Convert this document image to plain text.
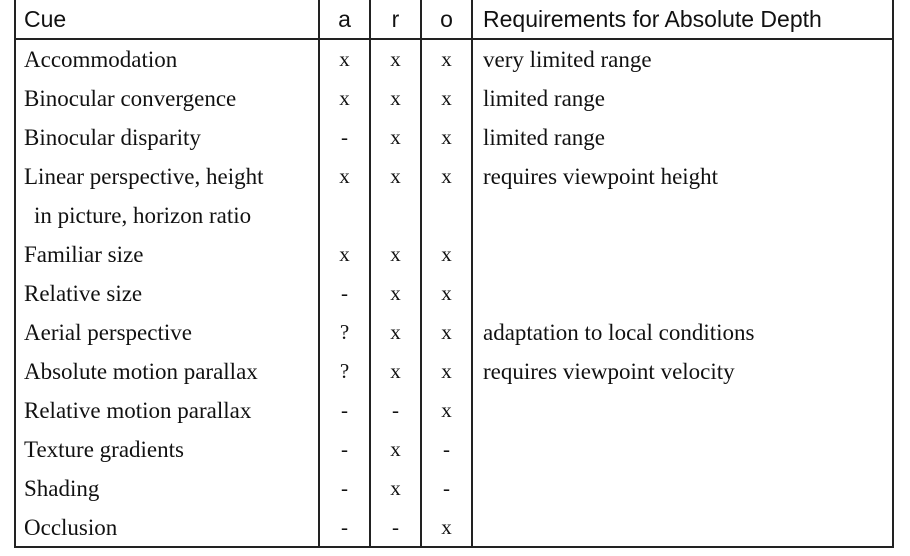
Cue	a	r	o	Requirements for Absolute Depth
Accommodation	x	x	x	very limited range
Binocular convergence	x	x	x	limited range
Binocular disparity	-	x	x	limited range
Linear perspective, height	x	x	x	requires viewpoint height
in picture, horizon ratio				
Familiar size	x	x	x	
Relative size	-	x	x	
Aerial perspective	?	x	x	adaptation to local conditions
Absolute motion parallax	?	x	x	requires viewpoint velocity
Relative motion parallax	-	-	x	
Texture gradients	-	x	-	
Shading	-	x	-	
Occlusion	-	-	x	
